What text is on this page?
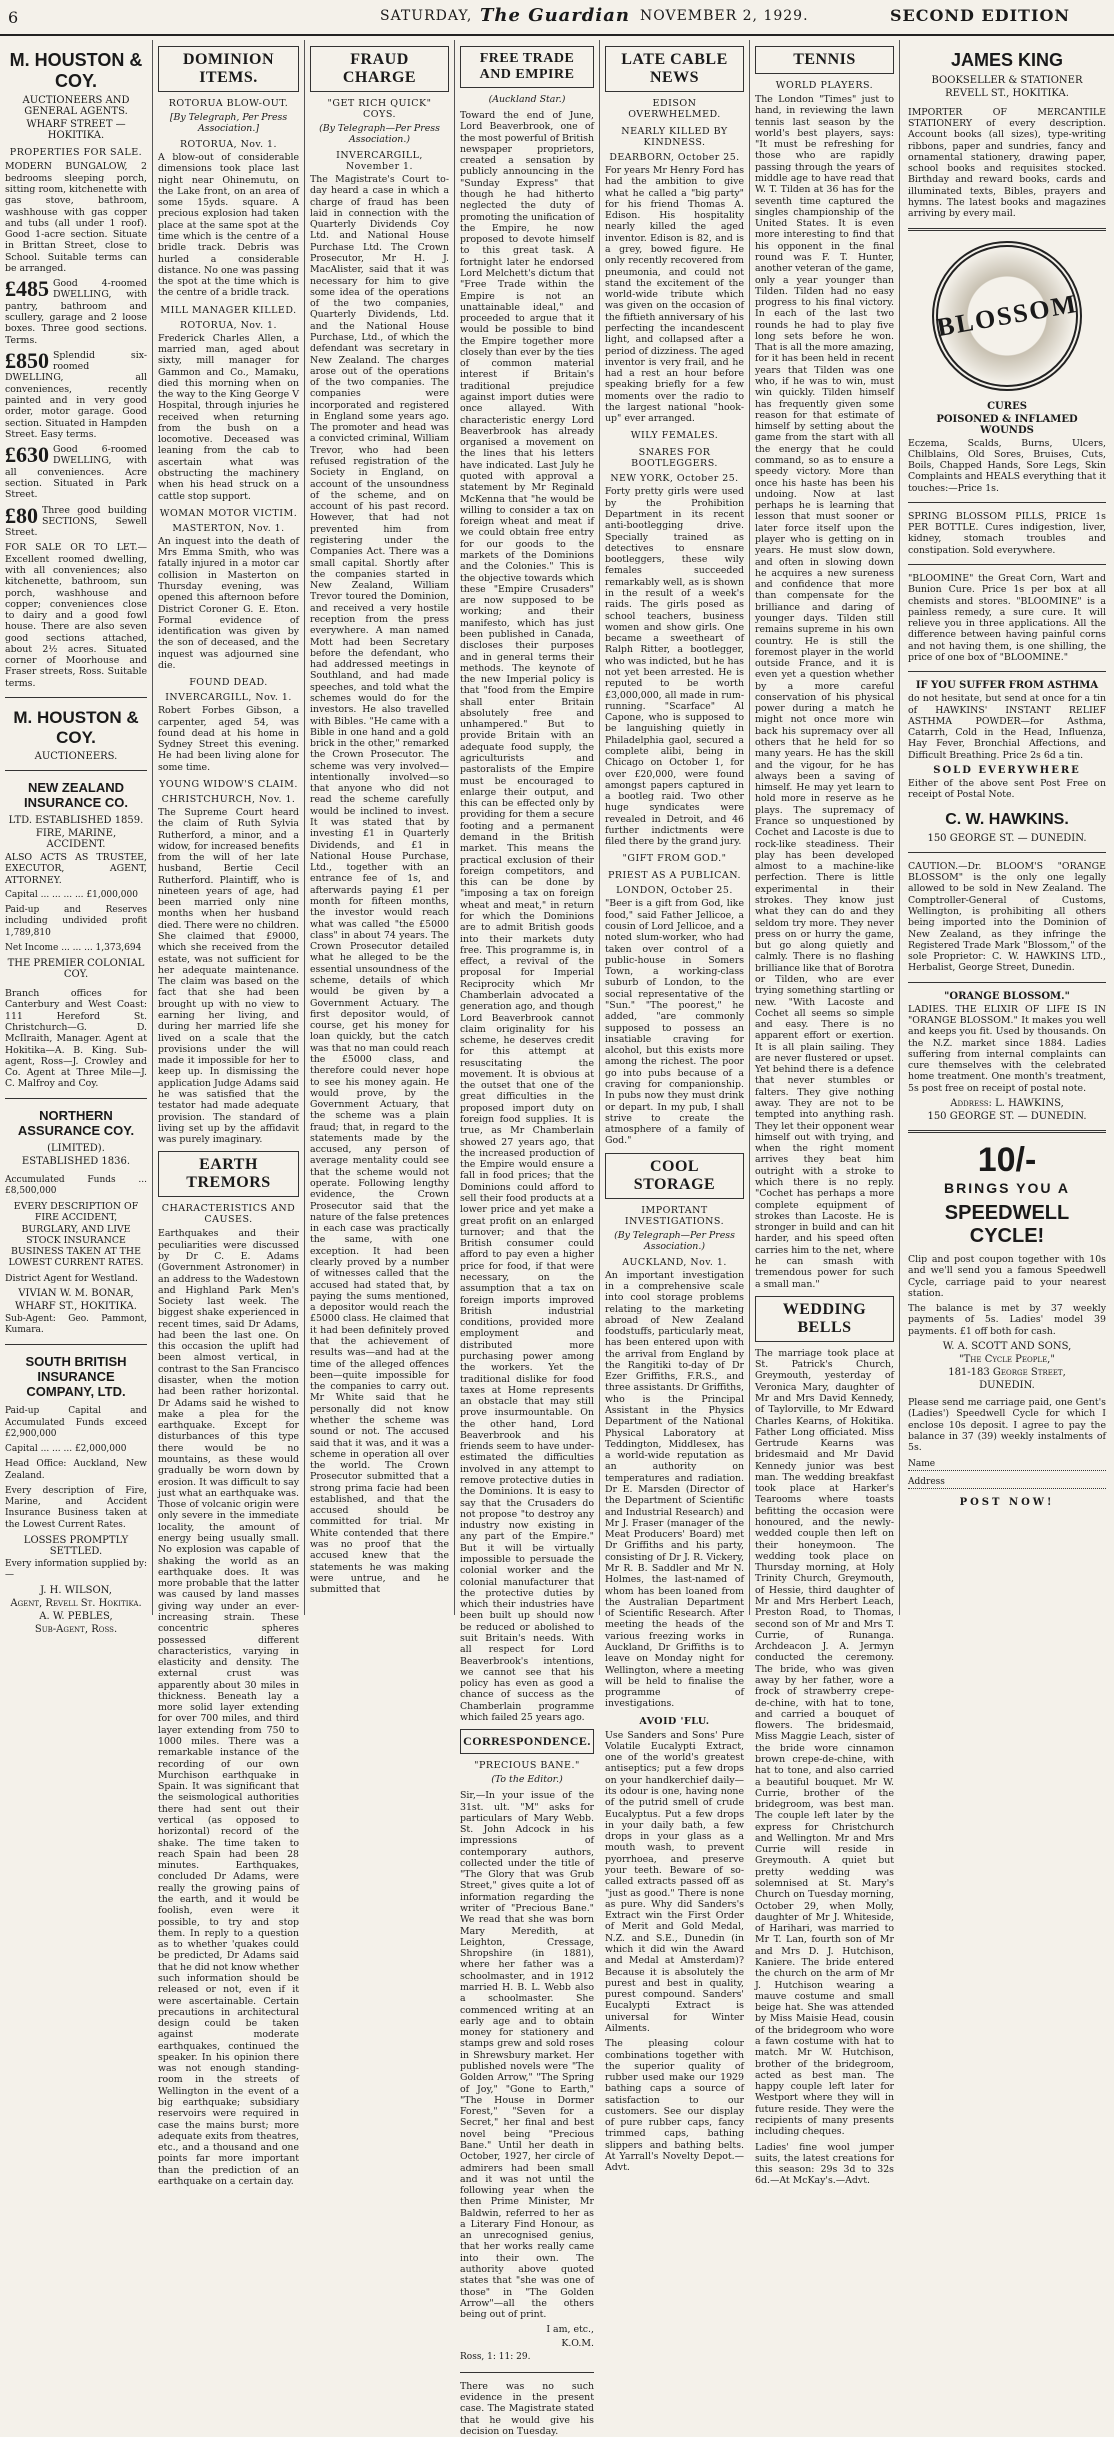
6	SATURDAY, The Guardian NOVEMBER 2, 1929.	SECOND EDITION
M. HOUSTON & COY.
AUCTIONEERS AND GENERAL AGENTS.
WHARF STREET — HOKITIKA.
PROPERTIES FOR SALE.
MODERN BUNGALOW, 2 bedrooms sleeping porch, sitting room, kitchenette with gas stove, bathroom, washhouse with gas copper and tubs (all under 1 roof). Good 1-acre section. Situate in Brittan Street, close to School. Suitable terms can be arranged.
£485 Good 4-roomed DWELLING, with pantry, bathroom and scullery, garage and 2 loose boxes. Three good sections. Terms.
£850 Splendid six-roomed DWELLING, all conveniences, recently painted and in very good order, motor garage. Good section. Situated in Hampden Street. Easy terms.
£630 Good 6-roomed DWELLING, with all conveniences. Acre section. Situated in Park Street.
£80 Three good building SECTIONS, Sewell Street.
FOR SALE OR TO LET.—Excellent roomed dwelling, with all conveniences; also kitchenette, bathroom, sun porch, washhouse and copper; conveniences close to dairy and a good fowl house. There are also seven good sections attached, about 2½ acres. Situated corner of Moorhouse and Fraser streets, Ross. Suitable terms.
M. HOUSTON & COY.
AUCTIONEERS.
NEW ZEALAND INSURANCE CO.
LTD. ESTABLISHED 1859.
FIRE, MARINE, ACCIDENT.
ALSO ACTS AS TRUSTEE, EXECUTOR, AGENT, ATTORNEY.
Capital ... ... ... ... £1,000,000
Paid-up and Reserves including undivided profit 1,789,810
Net Income ... ... ... 1,373,694
THE PREMIER COLONIAL COY.
Branch offices for Canterbury and West Coast: 111 Hereford St. Christchurch—G. D. McIlraith, Manager. Agent at Hokitika—A. B. King. Sub-agent, Ross—J. Crowley and Co. Agent at Three Mile—J. C. Malfroy and Coy.
NORTHERN ASSURANCE COY.
(LIMITED).
ESTABLISHED 1836.
Accumulated Funds ... £8,500,000
EVERY DESCRIPTION OF FIRE ACCIDENT, BURGLARY, AND LIVE STOCK INSURANCE BUSINESS TAKEN AT THE LOWEST CURRENT RATES.
District Agent for Westland.
VIVIAN W. M. BONAR,
WHARF ST., HOKITIKA.
Sub-Agent: Geo. Pammont, Kumara.
SOUTH BRITISH INSURANCE COMPANY, LTD.
Paid-up Capital and Accumulated Funds exceed £2,900,000
Capital ... ... ... £2,000,000
Head Office: Auckland, New Zealand.
Every description of Fire, Marine, and Accident Insurance Business taken at the Lowest Current Rates.
LOSSES PROMPTLY SETTLED.
Every information supplied by:—
J. H. WILSON,
Agent, Revell St. Hokitika.
A. W. PEBLES,
Sub-Agent, Ross.
DOMINION ITEMS.
ROTORUA BLOW-OUT.
[By Telegraph, Per Press Association.]
ROTORUA, Nov. 1.
A blow-out of considerable dimensions took place last night near Ohinemutu, on the Lake front, on an area of some 15yds. square. A precious explosion had taken place at the same spot at the time which is the centre of a bridle track. Debris was hurled a considerable distance. No one was passing the spot at the time which is the centre of a bridle track.
MILL MANAGER KILLED.
ROTORUA, Nov. 1.
Frederick Charles Allen, a married man, aged about sixty, mill manager for Gammon and Co., Mamaku, died this morning when on the way to the King George V Hospital, through injuries he received when returning from the bush on a locomotive. Deceased was leaning from the cab to ascertain what was obstructing the machinery when his head struck on a cattle stop support.
WOMAN MOTOR VICTIM.
MASTERTON, Nov. 1.
An inquest into the death of Mrs Emma Smith, who was fatally injured in a motor car collision in Masterton on Thursday evening, was opened this afternoon before District Coroner G. E. Eton. Formal evidence of identification was given by the son of deceased, and the inquest was adjourned sine die.
FOUND DEAD.
INVERCARGILL, Nov. 1.
Robert Forbes Gibson, a carpenter, aged 54, was found dead at his home in Sydney Street this evening. He had been living alone for some time.
YOUNG WIDOW'S CLAIM.
CHRISTCHURCH, Nov. 1.
The Supreme Court heard the claim of Ruth Sylvia Rutherford, a minor, and a widow, for increased benefits from the will of her late husband, Bertie Cecil Rutherford. Plaintiff, who is nineteen years of age, had been married only nine months when her husband died. There were no children. She claimed that £9000, which she received from the estate, was not sufficient for her adequate maintenance. The claim was based on the fact that she had been brought up with no view to earning her living, and during her married life she lived on a scale that the provisions under the will made it impossible for her to keep up. In dismissing the application Judge Adams said he was satisfied that the testator had made adequate provision. The standard of living set up by the affidavit was purely imaginary.
EARTH TREMORS
CHARACTERISTICS AND CAUSES.
Earthquakes and their peculiarities were discussed by Dr C. E. Adams (Government Astronomer) in an address to the Wadestown and Highland Park Men's Society last week. The biggest shake experienced in recent times, said Dr Adams, had been the last one. On this occasion the uplift had been almost vertical, in contrast to the San Francisco disaster, when the motion had been rather horizontal. Dr Adams said he wished to make a plea for the earthquake. Except for disturbances of this type there would be no mountains, as these would gradually be worn down by erosion. It was difficult to say just what an earthquake was. Those of volcanic origin were only severe in the immediate locality, the amount of energy being usually small. No explosion was capable of shaking the world as an earthquake does. It was more probable that the latter was caused by land masses giving way under an ever-increasing strain. These concentric spheres possessed different characteristics, varying in elasticity and density. The external crust was apparently about 30 miles in thickness. Beneath lay a more solid layer extending for over 700 miles, and third layer extending from 750 to 1000 miles. There was a remarkable instance of the recording of our own Murchison earthquake in Spain. It was significant that the seismological authorities there had sent out their vertical (as opposed to horizontal) record of the shake. The time taken to reach Spain had been 28 minutes. Earthquakes, concluded Dr Adams, were really the growing pains of the earth, and it would be foolish, even were it possible, to try and stop them. In reply to a question as to whether 'quakes could be predicted, Dr Adams said that he did not know whether such information should be released or not, even if it were ascertainable. Certain precautions in architectural design could be taken against moderate earthquakes, continued the speaker. In his opinion there was not enough standing-room in the streets of Wellington in the event of a big earthquake; subsidiary reservoirs were required in case the mains burst; more adequate exits from theatres, etc., and a thousand and one points far more important than the prediction of an earthquake on a certain day.
FRAUD CHARGE
"GET RICH QUICK" COYS.
(By Telegraph—Per Press Association.)
INVERCARGILL, November 1.
The Magistrate's Court to-day heard a case in which a charge of fraud has been laid in connection with the Quarterly Dividends Coy Ltd. and National House Purchase Ltd. The Crown Prosecutor, Mr H. J. MacAlister, said that it was necessary for him to give some idea of the operations of the two companies, Quarterly Dividends, Ltd. and the National House Purchase, Ltd., of which the defendant was secretary in New Zealand. The charges arose out of the operations of the two companies. The companies were incorporated and registered in England some years ago. The promoter and head was a convicted criminal, William Trevor, who had been refused registration of the Society in England, on account of the unsoundness of the scheme, and on account of his past record. However, that had not prevented him from registering under the Companies Act. There was a small capital. Shortly after the companies started in New Zealand, William Trevor toured the Dominion, and received a very hostile reception from the press everywhere. A man named Mott had been Secretary before the defendant, who had addressed meetings in Southland, and had made speeches, and told what the schemes would do for the investors. He also travelled with Bibles. "He came with a Bible in one hand and a gold brick in the other," remarked the Crown Prosecutor. The scheme was very involved—intentionally involved—so that anyone who did not read the scheme carefully would be inclined to invest. It was stated that by investing £1 in Quarterly Dividends, and £1 in National House Purchase, Ltd., together with an entrance fee of 1s, and afterwards paying £1 per month for fifteen months, the investor would reach what was called "the £5000 class" in about 74 years. The Crown Prosecutor detailed what he alleged to be the essential unsoundness of the scheme, details of which would be given by a Government Actuary. The first depositor would, of course, get his money for loan quickly, but the catch was that no man could reach the £5000 class, and therefore could never hope to see his money again. He would prove, by the Government Actuary, that the scheme was a plain fraud; that, in regard to the statements made by the accused, any person of average mentality could see that the scheme would not operate. Following lengthy evidence, the Crown Prosecutor said that the nature of the false pretences in each case was practically the same, with one exception. It had been clearly proved by a number of witnesses called that the accused had stated that, by paying the sums mentioned, a depositor would reach the £5000 class. He claimed that it had been definitely proved that the achievement of results was—and had at the time of the alleged offences been—quite impossible for the companies to carry out. Mr White said that he personally did not know whether the scheme was sound or not. The accused said that it was, and it was a scheme in operation all over the world. The Crown Prosecutor submitted that a strong prima facie had been established, and that the accused should be committed for trial. Mr White contended that there was no proof that the accused knew that the statements he was making were untrue, and he submitted that
FREE TRADE AND EMPIRE
(Auckland Star.)
Toward the end of June, Lord Beaverbrook, one of the most powerful of British newspaper proprietors, created a sensation by publicly announcing in the "Sunday Express" that though he had hitherto neglected the duty of promoting the unification of the Empire, he now proposed to devote himself to this great task. A fortnight later he endorsed Lord Melchett's dictum that "Free Trade within the Empire is not an unattainable ideal," and proceeded to argue that it would be possible to bind the Empire together more closely than ever by the ties of common material interest if Britain's traditional prejudice against import duties were once allayed. With characteristic energy Lord Beaverbrook has already organised a movement on the lines that his letters have indicated. Last July he quoted with approval a statement by Mr Reginald McKenna that "he would be willing to consider a tax on foreign wheat and meat if we could obtain free entry for our goods to the markets of the Dominions and the Colonies." This is the objective towards which these "Empire Crusaders" are now supposed to be working; and their manifesto, which has just been published in Canada, discloses their purposes and in general terms their methods. The keynote of the new Imperial policy is that "food from the Empire shall enter Britain absolutely free and unhampered." But to provide Britain with an adequate food supply, the agriculturists and pastoralists of the Empire must be encouraged to enlarge their output, and this can be effected only by providing for them a secure footing and a permanent demand in the British market. This means the practical exclusion of their foreign competitors, and this can be done by "imposing a tax on foreign wheat and meat," in return for which the Dominions are to admit British goods into their markets duty free. This programme is, in effect, a revival of the proposal for Imperial Reciprocity which Mr Chamberlain advocated a generation ago, and though Lord Beaverbrook cannot claim originality for his scheme, he deserves credit for this attempt at resuscitating the movement. It is obvious at the outset that one of the great difficulties in the proposed import duty on foreign food supplies. It is true, as Mr Chamberlain showed 27 years ago, that the increased production of the Empire would ensure a fall in food prices; that the Dominions could afford to sell their food products at a lower price and yet make a great profit on an enlarged turnover; and that the British consumer could afford to pay even a higher price for food, if that were necessary, on the assumption that a tax on foreign imports improved British industrial conditions, provided more employment and distributed more purchasing power among the workers. Yet the traditional dislike for food taxes at Home represents an obstacle that may still prove insurmountable. On the other hand, Lord Beaverbrook and his friends seem to have under-estimated the difficulties involved in any attempt to remove protective duties in the Dominions. It is easy to say that the Crusaders do not propose "to destroy any industry now existing in any part of the Empire." But it will be virtually impossible to persuade the colonial worker and the colonial manufacturer that the protective duties by which their industries have been built up should now be reduced or abolished to suit Britain's needs. With all respect for Lord Beaverbrook's intentions, we cannot see that his policy has even as good a chance of success as the Chamberlain programme which failed 25 years ago.
CORRESPONDENCE.
"PRECIOUS BANE."
(To the Editor.)
Sir,—In your issue of the 31st. ult. "M" asks for particulars of Mary Webb. St. John Adcock in his impressions of contemporary authors, collected under the title of "The Glory that was Grub Street," gives quite a lot of information regarding the writer of "Precious Bane." We read that she was born Mary Meredith, at Leighton, Cressage, Shropshire (in 1881), where her father was a schoolmaster, and in 1912 married H. B. L. Webb also a schoolmaster. She commenced writing at an early age and to obtain money for stationery and stamps grew and sold roses in Shrewsbury market. Her published novels were "The Golden Arrow," "The Spring of Joy," "Gone to Earth," "The House in Dormer Forest," "Seven for a Secret," her final and best novel being "Precious Bane." Until her death in October, 1927, her circle of admirers had been small and it was not until the following year when the then Prime Minister, Mr Baldwin, referred to her as a Literary Find Honour, as an unrecognised genius, that her works really came into their own. The authority above quoted states that "she was one of those" in "The Golden Arrow"—all the others being out of print.
I am, etc.,
K.O.M.
Ross, 1: 11: 29.
There was no such evidence in the present case. The Magistrate stated that he would give his decision on Tuesday.
LATE CABLE NEWS
EDISON OVERWHELMED.
NEARLY KILLED BY KINDNESS.
DEARBORN, October 25.
For years Mr Henry Ford has had the ambition to give what he called a "big party" for his friend Thomas A. Edison. His hospitality nearly killed the aged inventor. Edison is 82, and is a grey, bowed figure. He only recently recovered from pneumonia, and could not stand the excitement of the world-wide tribute which was given on the occasion of the fiftieth anniversary of his perfecting the incandescent light, and collapsed after a period of dizziness. The aged inventor is very frail, and he had a rest an hour before speaking briefly for a few moments over the radio to the largest national "hook-up" ever arranged.
WILY FEMALES.
SNARES FOR BOOTLEGGERS.
NEW YORK, October 25.
Forty pretty girls were used by the Prohibition Department in its recent anti-bootlegging drive. Specially trained as detectives to ensnare bootleggers, these wily females succeeded remarkably well, as is shown in the result of a week's raids. The girls posed as school teachers, business women and show girls. One became a sweetheart of Ralph Ritter, a bootlegger, who was indicted, but he has not yet been arrested. He is reputed to be worth £3,000,000, all made in rum-running. "Scarface" Al Capone, who is supposed to be languishing quietly in Philadelphia gaol, secured a complete alibi, being in Chicago on October 1, for over £20,000, were found amongst papers captured in a bootleg raid. Two other huge syndicates were revealed in Detroit, and 46 further indictments were filed there by the grand jury.
"GIFT FROM GOD."
PRIEST AS A PUBLICAN.
LONDON, October 25.
"Beer is a gift from God, like food," said Father Jellicoe, a cousin of Lord Jellicoe, and a noted slum-worker, who had taken over control of a public-house in Somers Town, a working-class suburb of London, to the social representative of the "Sun." "The poorest," he added, "are commonly supposed to possess an insatiable craving for alcohol, but this exists more among the richest. The poor go into pubs because of a craving for companionship. In pubs now they must drink or depart. In my pub, I shall strive to create the atmosphere of a family of God."
COOL STORAGE
IMPORTANT INVESTIGATIONS.
(By Telegraph—Per Press Association.)
AUCKLAND, Nov. 1.
An important investigation in a comprehensive scale into cool storage problems relating to the marketing abroad of New Zealand foodstuffs, particularly meat, has been entered upon with the arrival from England by the Rangitiki to-day of Dr Ezer Griffiths, F.R.S., and three assistants. Dr Griffiths, who is the Principal Assistant in the Physics Department of the National Physical Laboratory at Teddington, Middlesex, has a world-wide reputation as an authority on temperatures and radiation. Dr E. Marsden (Director of the Department of Scientific and Industrial Research) and Mr J. Fraser (manager of the Meat Producers' Board) met Dr Griffiths and his party, consisting of Dr J. R. Vickery, Mr R. B. Saddler and Mr N. Holmes, the last-named of whom has been loaned from the Australian Department of Scientific Research. After meeting the heads of the various freezing works in Auckland, Dr Griffiths is to leave on Monday night for Wellington, where a meeting will be held to finalise the programme of investigations.
AVOID 'FLU.
Use Sanders and Sons' Pure Volatile Eucalypti Extract, one of the world's greatest antiseptics; put a few drops on your handkerchief daily—its odour is one, having none of the putrid smell of crude Eucalyptus. Put a few drops in your daily bath, a few drops in your glass as a mouth wash, to prevent pyorrhoea, and preserve your teeth. Beware of so-called extracts passed off as "just as good." There is none as pure. Why did Sanders's Extract win the First Order of Merit and Gold Medal, N.Z. and S.E., Dunedin (in which it did win the Award and Medal at Amsterdam)? Because it is absolutely the purest and best in quality, purest compound. Sanders' Eucalypti Extract is universal for Winter Ailments.
The pleasing colour combinations together with the superior quality of rubber used make our 1929 bathing caps a source of satisfaction to our customers. See our display of pure rubber caps, fancy trimmed caps, bathing slippers and bathing belts. At Yarrall's Novelty Depot.—Advt.
TENNIS
WORLD PLAYERS.
The London "Times" just to hand, in reviewing the lawn tennis last season by the world's best players, says: "It must be refreshing for those who are rapidly passing through the years of middle age to have read that W. T. Tilden at 36 has for the seventh time captured the singles championship of the United States. It is even more interesting to find that his opponent in the final round was F. T. Hunter, another veteran of the game, only a year younger than Tilden. Tilden had no easy progress to his final victory. In each of the last two rounds he had to play five long sets before he won. That is all the more amazing, for it has been held in recent years that Tilden was one who, if he was to win, must win quickly. Tilden himself has frequently given some reason for that estimate of himself by setting about the game from the start with all the energy that he could command, so as to ensure a speedy victory. More than once his haste has been his undoing. Now at last perhaps he is learning that lesson that must sooner or later force itself upon the player who is getting on in years. He must slow down, and often in slowing down he acquires a new sureness and confidence that more than compensate for the brilliance and daring of younger days. Tilden still remains supreme in his own country. He is still the foremost player in the world outside France, and it is even yet a question whether by a more careful conservation of his physical power during a match he might not once more win back his supremacy over all others that he held for so many years. He has the skill and the vigour, for he has always been a saving of himself. He may yet learn to hold more in reserve as he plays. The supremacy of France so unquestioned by Cochet and Lacoste is due to rock-like steadiness. Their play has been developed almost to a machine-like perfection. There is little experimental in their strokes. They know just what they can do and they seldom try more. They never press on or hurry the game, but go along quietly and calmly. There is no flashing brilliance like that of Borotra or Tilden, who are ever trying something startling or new. "With Lacoste and Cochet all seems so simple and easy. There is no apparent effort or exertion. It is all plain sailing. They are never flustered or upset. Yet behind there is a defence that never stumbles or falters. They give nothing away. They are not to be tempted into anything rash. They let their opponent wear himself out with trying, and when the right moment arrives they beat him outright with a stroke to which there is no reply. "Cochet has perhaps a more complete equipment of strokes than Lacoste. He is stronger in build and can hit harder, and his speed often carries him to the net, where he can smash with tremendous power for such a small man."
WEDDING BELLS
The marriage took place at St. Patrick's Church, Greymouth, yesterday of Veronica Mary, daughter of Mr and Mrs David Kennedy, of Taylorville, to Mr Edward Charles Kearns, of Hokitika. Father Long officiated. Miss Gertrude Kearns was bridesmaid and Mr David Kennedy junior was best man. The wedding breakfast took place at Harker's Tearooms where toasts befitting the occasion were honoured, and the newly-wedded couple then left on their honeymoon. The wedding took place on Thursday morning, at Holy Trinity Church, Greymouth, of Hessie, third daughter of Mr and Mrs Herbert Leach, Preston Road, to Thomas, second son of Mr and Mrs T. Currie, of Runanga. Archdeacon J. A. Jermyn conducted the ceremony. The bride, who was given away by her father, wore a frock of strawberry crepe-de-chine, with hat to tone, and carried a bouquet of flowers. The bridesmaid, Miss Maggie Leach, sister of the bride wore cinnamon brown crepe-de-chine, with hat to tone, and also carried a beautiful bouquet. Mr W. Currie, brother of the bridegroom, was best man. The couple left later by the express for Christchurch and Wellington. Mr and Mrs Currie will reside in Greymouth. A quiet but pretty wedding was solemnised at St. Mary's Church on Tuesday morning, October 29, when Molly, daughter of Mr J. Whiteside, of Harihari, was married to Mr T. Lan, fourth son of Mr and Mrs D. J. Hutchison, Kaniere. The bride entered the church on the arm of Mr J. Hutchison wearing a mauve costume and small beige hat. She was attended by Miss Maisie Head, cousin of the bridegroom who wore a fawn costume with hat to match. Mr W. Hutchison, brother of the bridegroom, acted as best man. The happy couple left later for Westport where they will in future reside. They were the recipients of many presents including cheques.
Ladies' fine wool jumper suits, the latest creations for this season: 29s 3d to 32s 6d.—At McKay's.—Advt.
JAMES KING
BOOKSELLER & STATIONER
REVELL ST., HOKITIKA.
IMPORTER OF MERCANTILE STATIONERY of every description. Account books (all sizes), type-writing ribbons, paper and sundries, fancy and ornamental stationery, drawing paper, school books and requisites stocked. Birthday and reward books, cards and illuminated texts, Bibles, prayers and hymns. The latest books and magazines arriving by every mail.
BLOSSOM
CURES
POISONED & INFLAMED WOUNDS
Eczema, Scalds, Burns, Ulcers, Chilblains, Old Sores, Bruises, Cuts, Boils, Chapped Hands, Sore Legs, Skin Complaints and HEALS everything that it touches:—Price 1s.
SPRING BLOSSOM PILLS, PRICE 1s PER BOTTLE. Cures indigestion, liver, kidney, stomach troubles and constipation. Sold everywhere.
"BLOOMINE" the Great Corn, Wart and Bunion Cure. Price 1s per box at all chemists and stores. "BLOOMINE" is a painless remedy, a sure cure. It will relieve you in three applications. All the difference between having painful corns and not having them, is one shilling, the price of one box of "BLOOMINE."
IF YOU SUFFER FROM ASTHMA
do not hesitate, but send at once for a tin of HAWKINS' INSTANT RELIEF ASTHMA POWDER—for Asthma, Catarrh, Cold in the Head, Influenza, Hay Fever, Bronchial Affections, and Difficult Breathing. Price 2s 6d a tin.
SOLD EVERYWHERE
Either of the above sent Post Free on receipt of Postal Note.
C. W. HAWKINS.
150 GEORGE ST. — DUNEDIN.
CAUTION.—Dr. BLOOM'S "ORANGE BLOSSOM" is the only one legally allowed to be sold in New Zealand. The Comptroller-General of Customs, Wellington, is prohibiting all others being imported into the Dominion of New Zealand, as they infringe the Registered Trade Mark "Blossom," of the sole Proprietor: C. W. HAWKINS LTD., Herbalist, George Street, Dunedin.
"ORANGE BLOSSOM."
LADIES. THE ELIXIR OF LIFE IS IN "ORANGE BLOSSOM." It makes you well and keeps you fit. Used by thousands. On the N.Z. market since 1884. Ladies suffering from internal complaints can cure themselves with the celebrated home treatment. One month's treatment, 5s post free on receipt of postal note.
Address: L. HAWKINS,
150 GEORGE ST. — DUNEDIN.
10/-
BRINGS YOU A
SPEEDWELL CYCLE!
Clip and post coupon together with 10s and we'll send you a famous Speedwell Cycle, carriage paid to your nearest station.
The balance is met by 37 weekly payments of 5s. Ladies' model 39 payments. £1 off both for cash.
W. A. SCOTT AND SONS,
"The Cycle People,"
181-183 George Street,
DUNEDIN.
Please send me carriage paid, one Gent's (Ladies') Speedwell Cycle for which I enclose 10s deposit. I agree to pay the balance in 37 (39) weekly instalments of 5s.
Name
Address
POST NOW!
